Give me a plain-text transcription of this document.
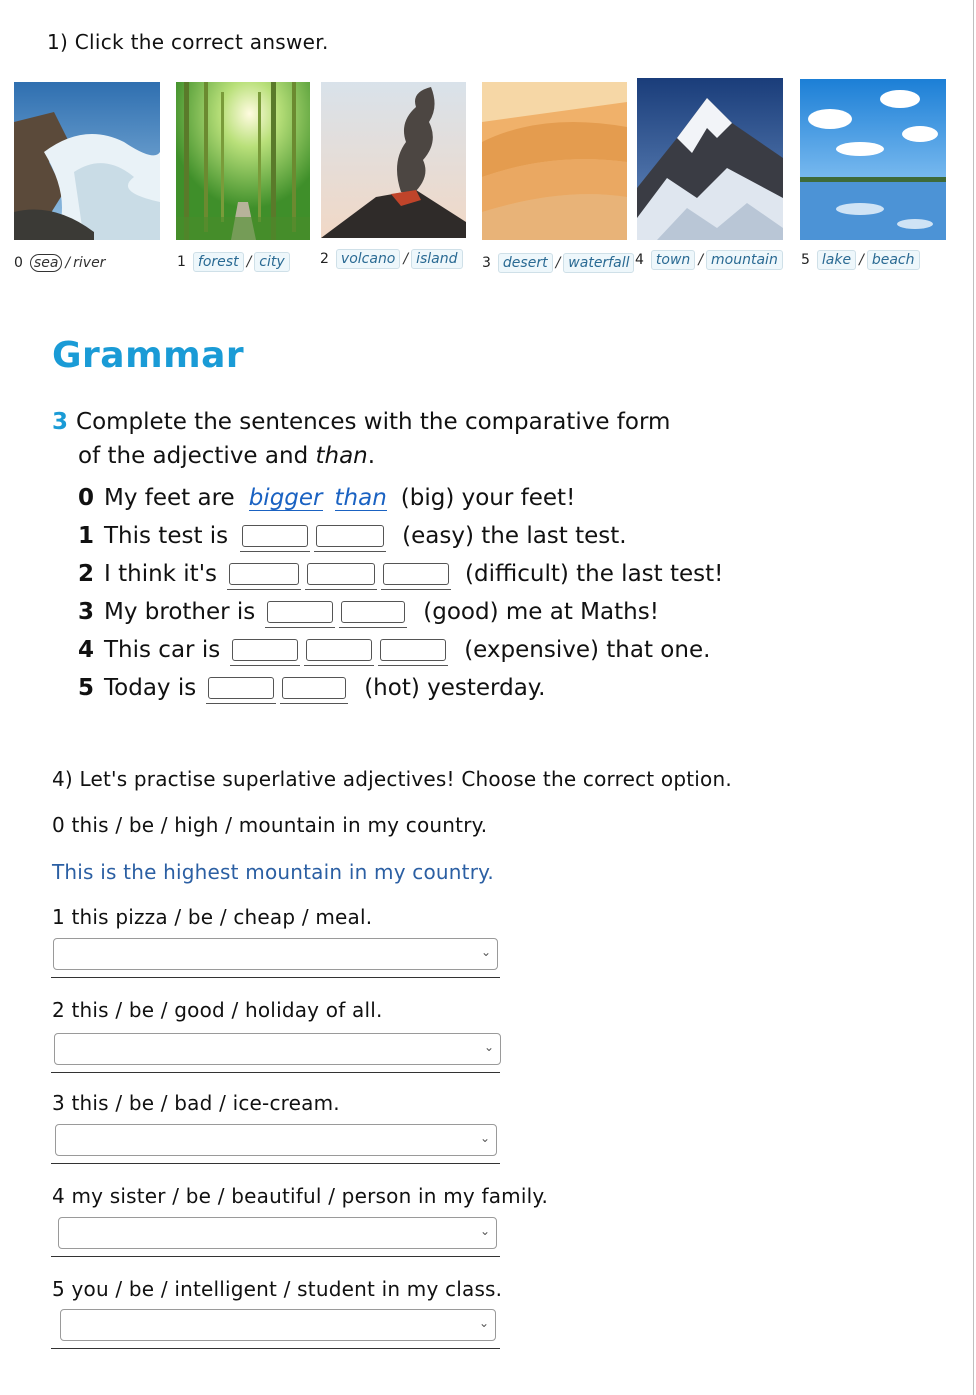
1) Click the correct answer.
0 sea / river	1 forest / city	2 volcano / island	3 desert / waterfall 4 town / mountain	5 lake / beach
Grammar
3 Complete the sentences with the comparative form
of the adjective and than.
0 My feet are bigger than (big) your feet!
1 This test is	(easy) the last test.
2 I think it's	(difficult) the last test!
3 My brother is	(good) me at Maths!
4 This car is	(expensive) that one.
5 Today is	(hot) yesterday.
4) Let's practise superlative adjectives! Choose the correct option.
0 this / be / high / mountain in my country.
This is the highest mountain in my country.
1 this pizza / be / cheap / meal.
⌄
2 this / be / good / holiday of all.
⌄
3 this / be / bad / ice-cream.
⌄
4 my sister / be / beautiful / person in my family.
⌄
5 you / be / intelligent / student in my class.
⌄
